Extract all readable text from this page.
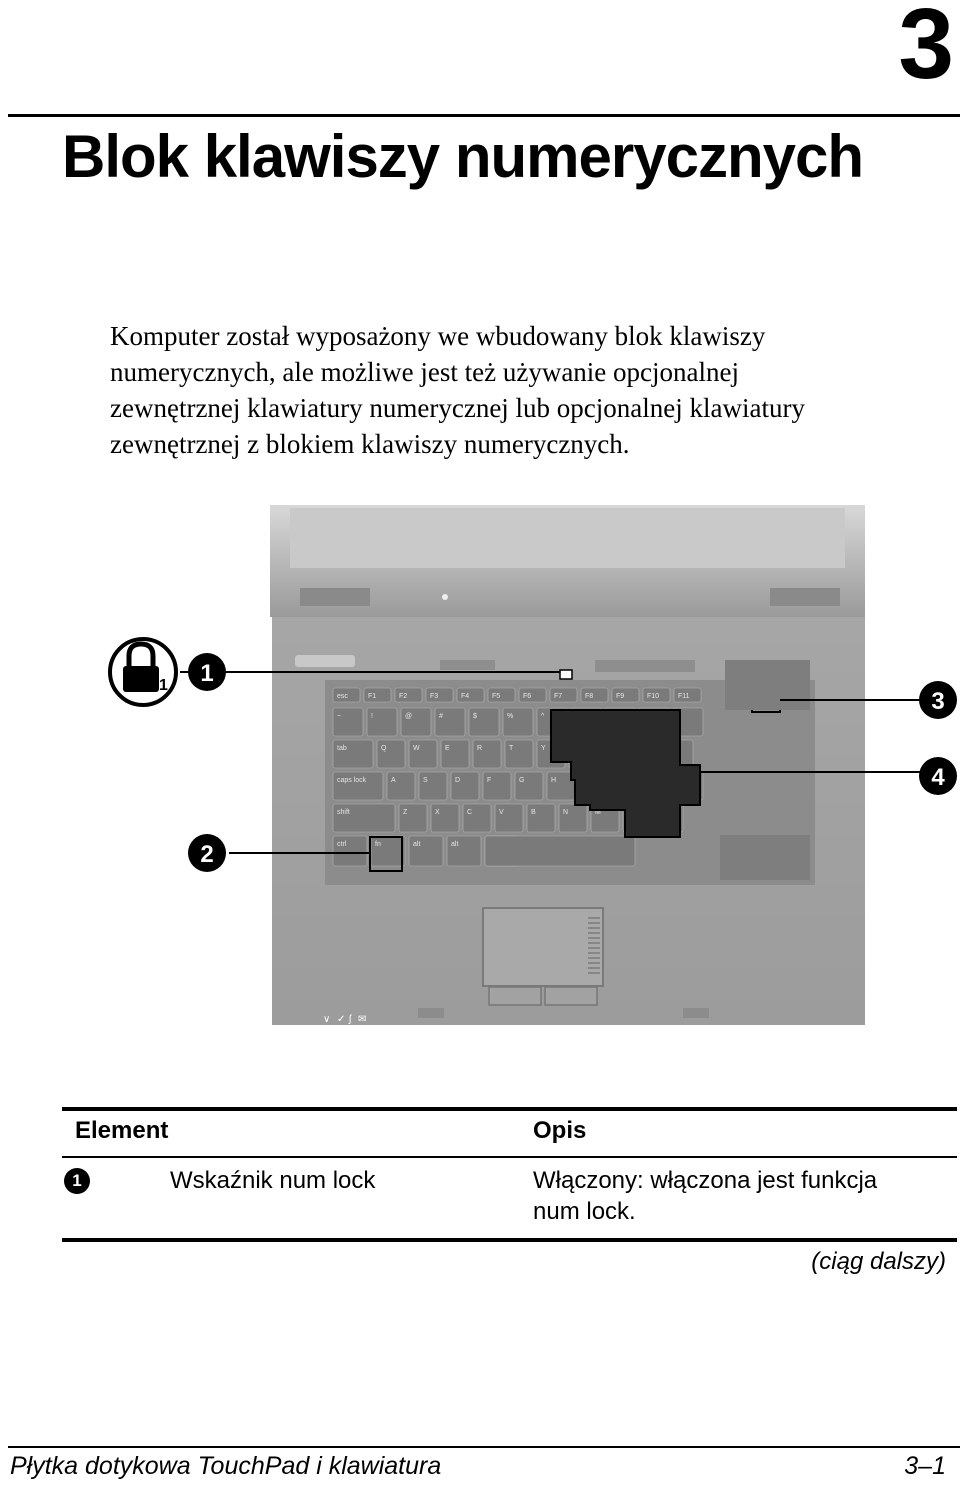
3
Blok klawiszy numerycznych
Komputer został wyposażony we wbudowany blok klawiszy
numerycznych, ale możliwe jest też używanie opcjonalnej
zewnętrznej klawiatury numerycznej lub opcjonalnej klawiatury
zewnętrznej z blokiem klawiszy numerycznych.
esc	F1	F2	F3	F4	F5	F6	F7	F8	F9	F10	F11
~	!	@	#	$	%	^
tab	Q	W	E	R	T	Y
caps lock	A	S	D	F	G	H
shift	Z	X	C	V	B	N	M
ctrl	fn	alt	alt
1 1
3
4
2
∨ ✓ ʃ ✉
Element	Opis
1	Wskaźnik num lock	Włączony: włączona jest funkcja
num lock.
(ciąg dalszy)
Płytka dotykowa TouchPad i klawiatura	3–1
